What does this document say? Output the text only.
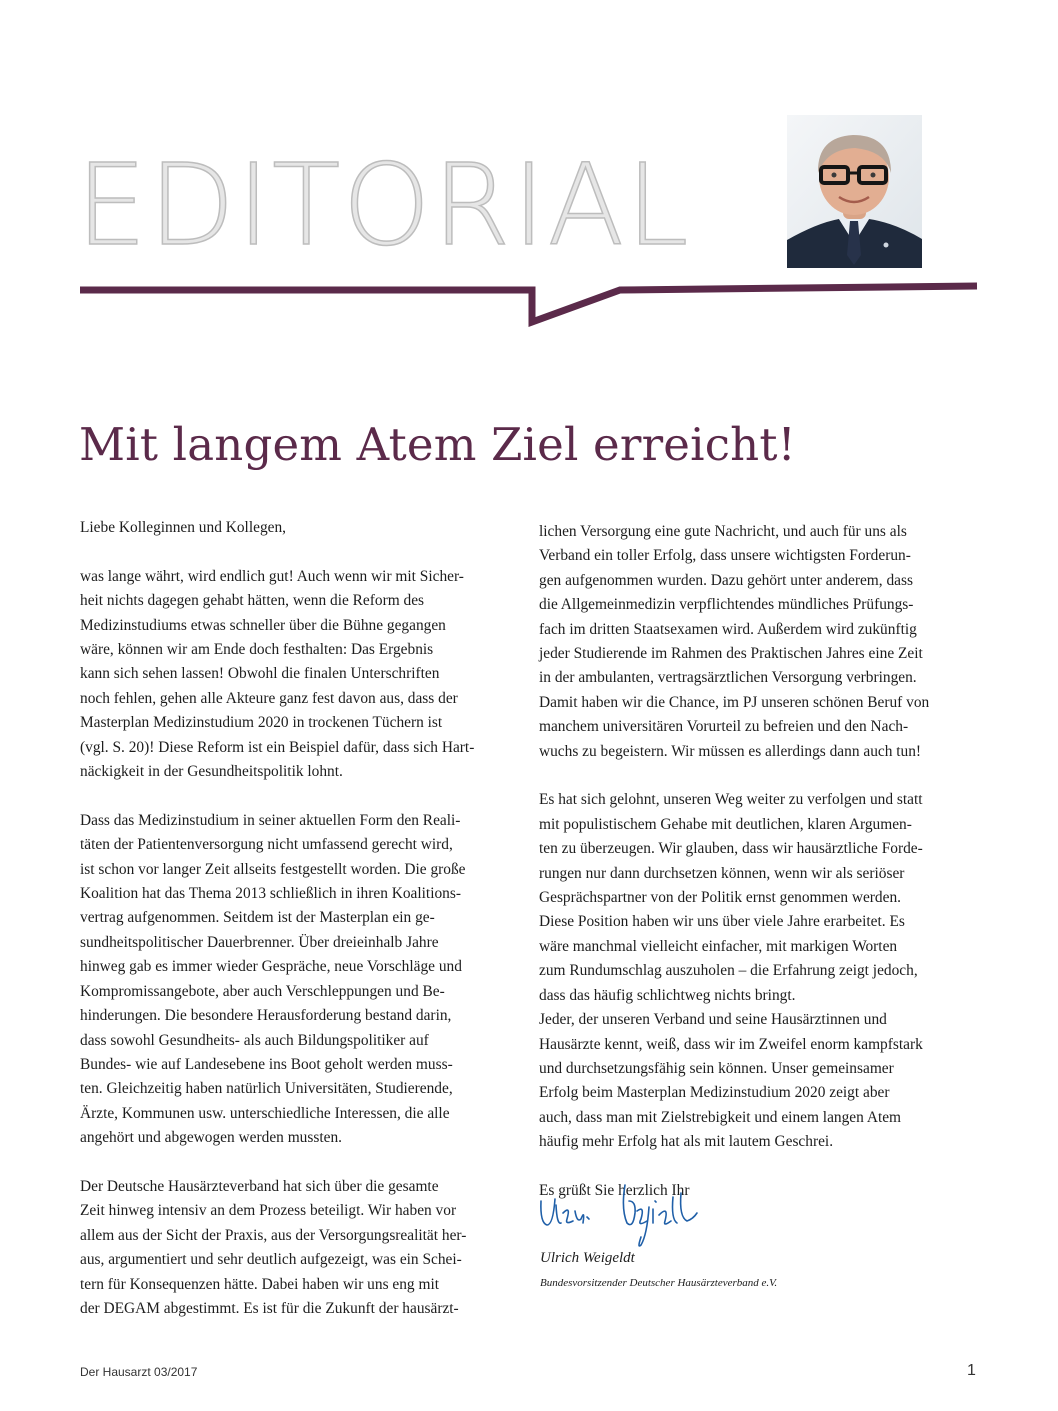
EDITORIAL
Mit langem Atem Ziel erreicht!

Liebe Kolleginnen und Kollegen,

was lange währt, wird endlich gut! Auch wenn wir mit Sicher-
heit nichts dagegen gehabt hätten, wenn die Reform des
Medizinstudiums etwas schneller über die Bühne gegangen
wäre, können wir am Ende doch festhalten: Das Ergebnis
kann sich sehen lassen! Obwohl die finalen Unterschriften
noch fehlen, gehen alle Akteure ganz fest davon aus, dass der
Masterplan Medizinstudium 2020 in trockenen Tüchern ist
(vgl. S. 20)! Diese Reform ist ein Beispiel dafür, dass sich Hart-
näckigkeit in der Gesundheitspolitik lohnt.

Dass das Medizinstudium in seiner aktuellen Form den Reali-
täten der Patientenversorgung nicht umfassend gerecht wird,
ist schon vor langer Zeit allseits festgestellt worden. Die große
Koalition hat das Thema 2013 schließlich in ihren Koalitions-
vertrag aufgenommen. Seitdem ist der Masterplan ein ge-
sundheitspolitischer Dauerbrenner. Über dreieinhalb Jahre
hinweg gab es immer wieder Gespräche, neue Vorschläge und
Kompromissangebote, aber auch Verschleppungen und Be-
hinderungen. Die besondere Herausforderung bestand darin,
dass sowohl Gesundheits- als auch Bildungspolitiker auf
Bundes- wie auf Landesebene ins Boot geholt werden muss-
ten. Gleichzeitig haben natürlich Universitäten, Studierende,
Ärzte, Kommunen usw. unterschiedliche Interessen, die alle
angehört und abgewogen werden mussten.

Der Deutsche Hausärzteverband hat sich über die gesamte
Zeit hinweg intensiv an dem Prozess beteiligt. Wir haben vor
allem aus der Sicht der Praxis, aus der Versorgungsrealität her-
aus, argumentiert und sehr deutlich aufgezeigt, was ein Schei-
tern für Konsequenzen hätte. Dabei haben wir uns eng mit
der DEGAM abgestimmt. Es ist für die Zukunft der hausärzt-

lichen Versorgung eine gute Nachricht, und auch für uns als
Verband ein toller Erfolg, dass unsere wichtigsten Forderun-
gen aufgenommen wurden. Dazu gehört unter anderem, dass
die Allgemeinmedizin verpflichtendes mündliches Prüfungs-
fach im dritten Staatsexamen wird. Außerdem wird zukünftig
jeder Studierende im Rahmen des Praktischen Jahres eine Zeit
in der ambulanten, vertragsärztlichen Versorgung verbringen.
Damit haben wir die Chance, im PJ unseren schönen Beruf von
manchem universitären Vorurteil zu befreien und den Nach-
wuchs zu begeistern. Wir müssen es allerdings dann auch tun!

Es hat sich gelohnt, unseren Weg weiter zu verfolgen und statt
mit populistischem Gehabe mit deutlichen, klaren Argumen-
ten zu überzeugen. Wir glauben, dass wir hausärztliche Forde-
rungen nur dann durchsetzen können, wenn wir als seriöser
Gesprächspartner von der Politik ernst genommen werden.
Diese Position haben wir uns über viele Jahre erarbeitet. Es
wäre manchmal vielleicht einfacher, mit markigen Worten
zum Rundumschlag auszuholen – die Erfahrung zeigt jedoch,
dass das häufig schlichtweg nichts bringt.
Jeder, der unseren Verband und seine Hausärztinnen und
Hausärzte kennt, weiß, dass wir im Zweifel enorm kampfstark
und durchsetzungsfähig sein können. Unser gemeinsamer
Erfolg beim Masterplan Medizinstudium 2020 zeigt aber
auch, dass man mit Zielstrebigkeit und einem langen Atem
häufig mehr Erfolg hat als mit lautem Geschrei.

Es grüßt Sie herzlich Ihr

Ulrich Weigeldt

Bundesvorsitzender Deutscher Hausärzteverband e.V.

Der Hausarzt 03/2017	1
